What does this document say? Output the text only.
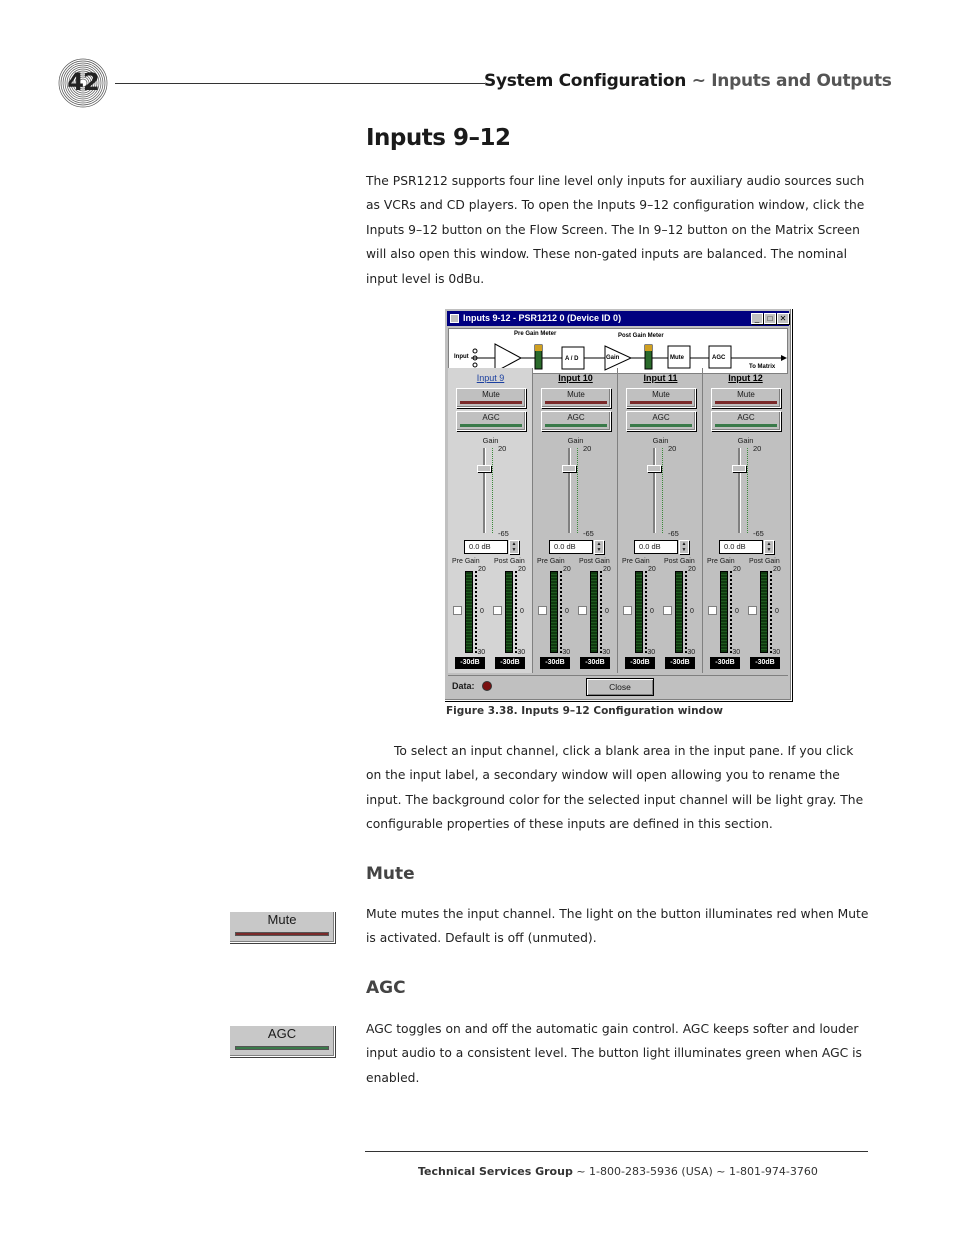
42	System Configuration ~ Inputs and Outputs
Inputs 9–12
The PSR1212 supports four line level only inputs for auxiliary audio sources such as VCRs and CD players. To open the Inputs 9–12 configuration window, click the Inputs 9–12 button on the Flow Screen. The In 9–12 button on the Matrix Screen will also open this window. These non-gated inputs are balanced. The nominal input level is 0dBu.
Inputs 9-12 - PSR1212 0 (Device ID 0)	_	□ ✕
Input
Pre Gain Meter
A / D
Post Gain Meter
Gain	Mute	AGC
To Matrix
Input 9
Mute
AGC
Gain
20
-65
0.0 dB	▲
▼
Pre Gain Post Gain
20
0
-30
20
0
-30
-30dB	-30dB
Input 10
Mute
AGC
Gain
20
-65
0.0 dB	▲
▼
Pre Gain Post Gain
20
0
-30
20
0
-30
-30dB	-30dB
Input 11
Mute
AGC
Gain
20
-65
0.0 dB	▲
▼
Pre Gain Post Gain
20
0
-30
20
0
-30
-30dB	-30dB
Input 12
Mute
AGC
Gain
20
-65
0.0 dB	▲
▼
Pre Gain Post Gain
20
0
-30
20
0
-30
-30dB	-30dB
Data:	Close
Figure 3.38. Inputs 9–12 Configuration window
To select an input channel, click a blank area in the input pane. If you click on the input label, a secondary window will open allowing you to rename the input. The background color for the selected input channel will be light gray. The configurable properties of these inputs are defined in this section.
Mute
Mute	Mute mutes the input channel. The light on the button illuminates red when Mute is activated. Default is off (unmuted).
AGC
AGC	AGC toggles on and off the automatic gain control. AGC keeps softer and louder input audio to a consistent level. The button light illuminates green when AGC is enabled.
Technical Services Group ~ 1-800-283-5936 (USA) ~ 1-801-974-3760
